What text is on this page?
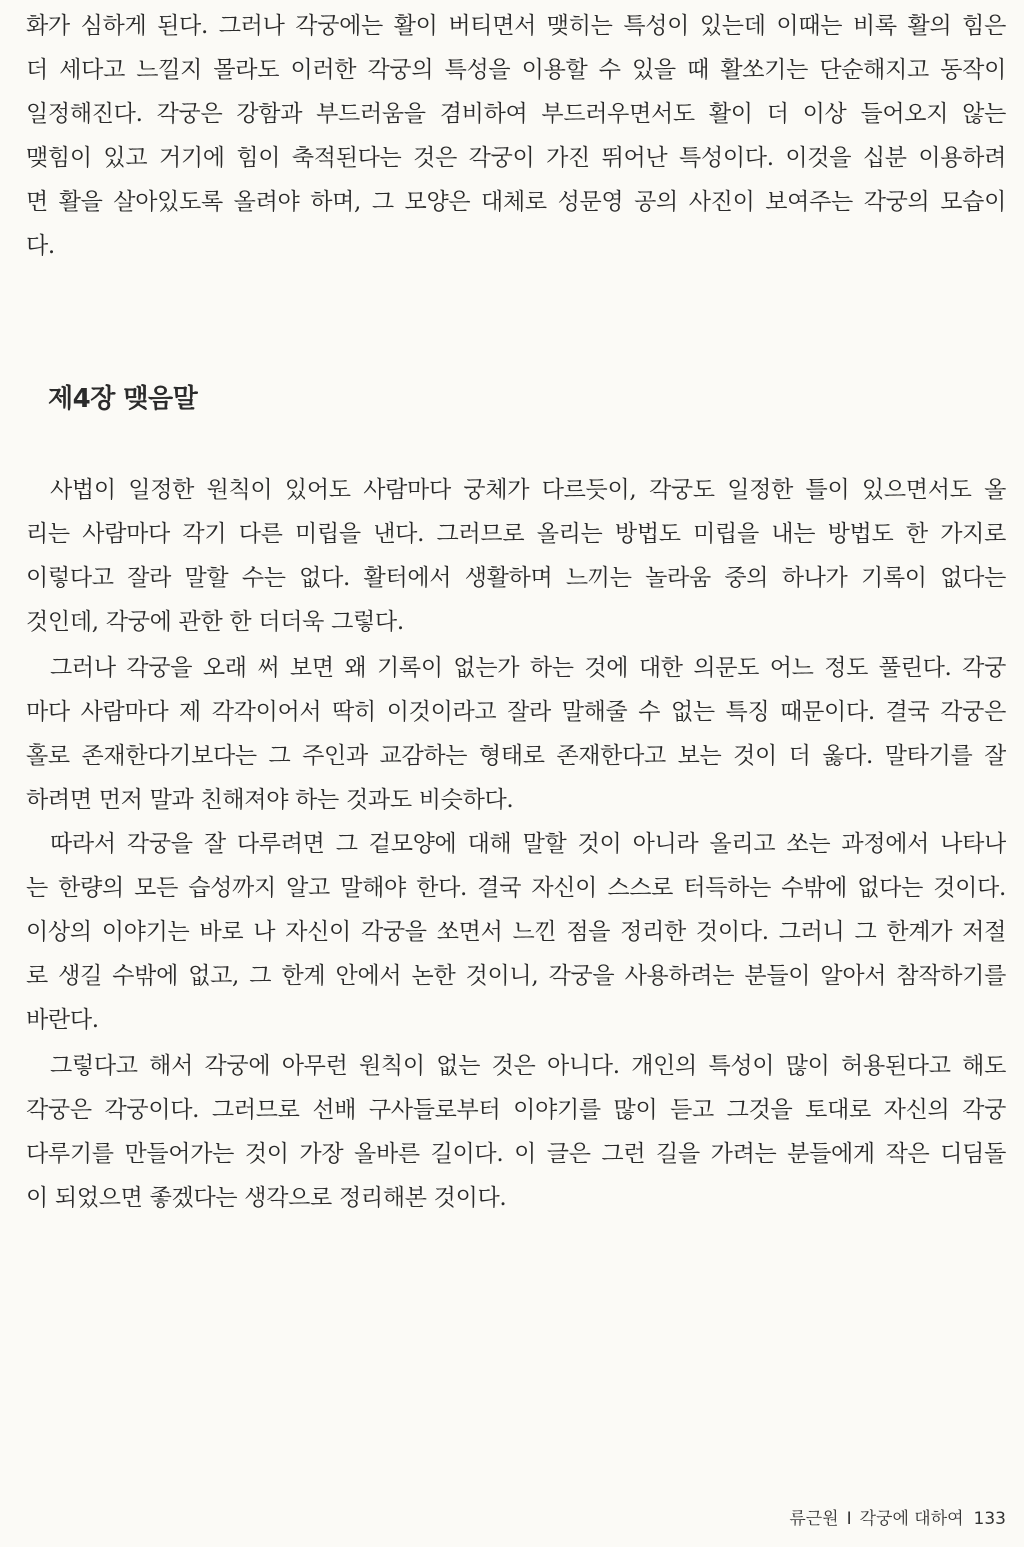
화가 심하게 된다. 그러나 각궁에는 활이 버티면서 맺히는 특성이 있는데 이때는 비록 활의 힘은
더 세다고 느낄지 몰라도 이러한 각궁의 특성을 이용할 수 있을 때 활쏘기는 단순해지고 동작이
일정해진다. 각궁은 강함과 부드러움을 겸비하여 부드러우면서도 활이 더 이상 들어오지 않는
맺힘이 있고 거기에 힘이 축적된다는 것은 각궁이 가진 뛰어난 특성이다. 이것을 십분 이용하려
면 활을 살아있도록 올려야 하며, 그 모양은 대체로 성문영 공의 사진이 보여주는 각궁의 모습이
다.
제4장 맺음말
사법이 일정한 원칙이 있어도 사람마다 궁체가 다르듯이, 각궁도 일정한 틀이 있으면서도 올
리는 사람마다 각기 다른 미립을 낸다. 그러므로 올리는 방법도 미립을 내는 방법도 한 가지로
이렇다고 잘라 말할 수는 없다. 활터에서 생활하며 느끼는 놀라움 중의 하나가 기록이 없다는
것인데, 각궁에 관한 한 더더욱 그렇다.
그러나 각궁을 오래 써 보면 왜 기록이 없는가 하는 것에 대한 의문도 어느 정도 풀린다. 각궁
마다 사람마다 제 각각이어서 딱히 이것이라고 잘라 말해줄 수 없는 특징 때문이다. 결국 각궁은
홀로 존재한다기보다는 그 주인과 교감하는 형태로 존재한다고 보는 것이 더 옳다. 말타기를 잘
하려면 먼저 말과 친해져야 하는 것과도 비슷하다.
따라서 각궁을 잘 다루려면 그 겉모양에 대해 말할 것이 아니라 올리고 쏘는 과정에서 나타나
는 한량의 모든 습성까지 알고 말해야 한다. 결국 자신이 스스로 터득하는 수밖에 없다는 것이다.
이상의 이야기는 바로 나 자신이 각궁을 쏘면서 느낀 점을 정리한 것이다. 그러니 그 한계가 저절
로 생길 수밖에 없고, 그 한계 안에서 논한 것이니, 각궁을 사용하려는 분들이 알아서 참작하기를
바란다.
그렇다고 해서 각궁에 아무런 원칙이 없는 것은 아니다. 개인의 특성이 많이 허용된다고 해도
각궁은 각궁이다. 그러므로 선배 구사들로부터 이야기를 많이 듣고 그것을 토대로 자신의 각궁
다루기를 만들어가는 것이 가장 올바른 길이다. 이 글은 그런 길을 가려는 분들에게 작은 디딤돌
이 되었으면 좋겠다는 생각으로 정리해본 것이다.
류근원 I 각궁에 대하여 133
